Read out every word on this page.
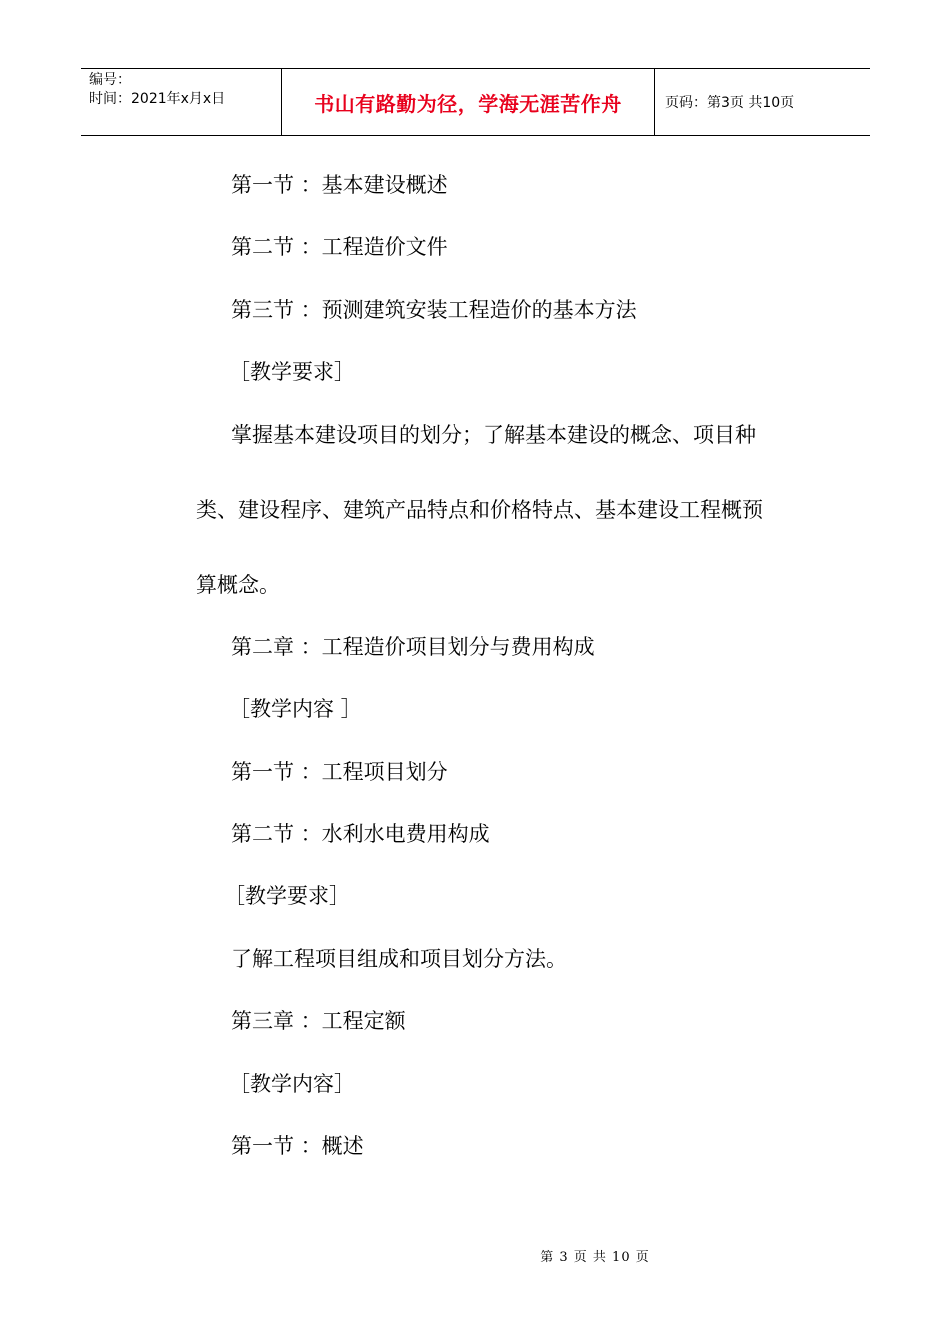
编号：
时间：2021年x月x日	书山有路勤为径，学海无涯苦作舟	页码：第3页 共10页
第一节 ：基本建设概述
第二节 ：工程造价文件
第三节 ：预测建筑安装工程造价的基本方法
［教学要求］
掌握基本建设项目的划分；了解基本建设的概念、项目种
类、建设程序、建筑产品特点和价格特点、基本建设工程概预
算概念。
第二章 ：工程造价项目划分与费用构成
［教学内容 ］
第一节 ：工程项目划分
第二节 ：水利水电费用构成
［教学要求］
了解工程项目组成和项目划分方法。
第三章 ：工程定额
［教学内容］
第一节 ：概述
第 3 页 共 10 页
